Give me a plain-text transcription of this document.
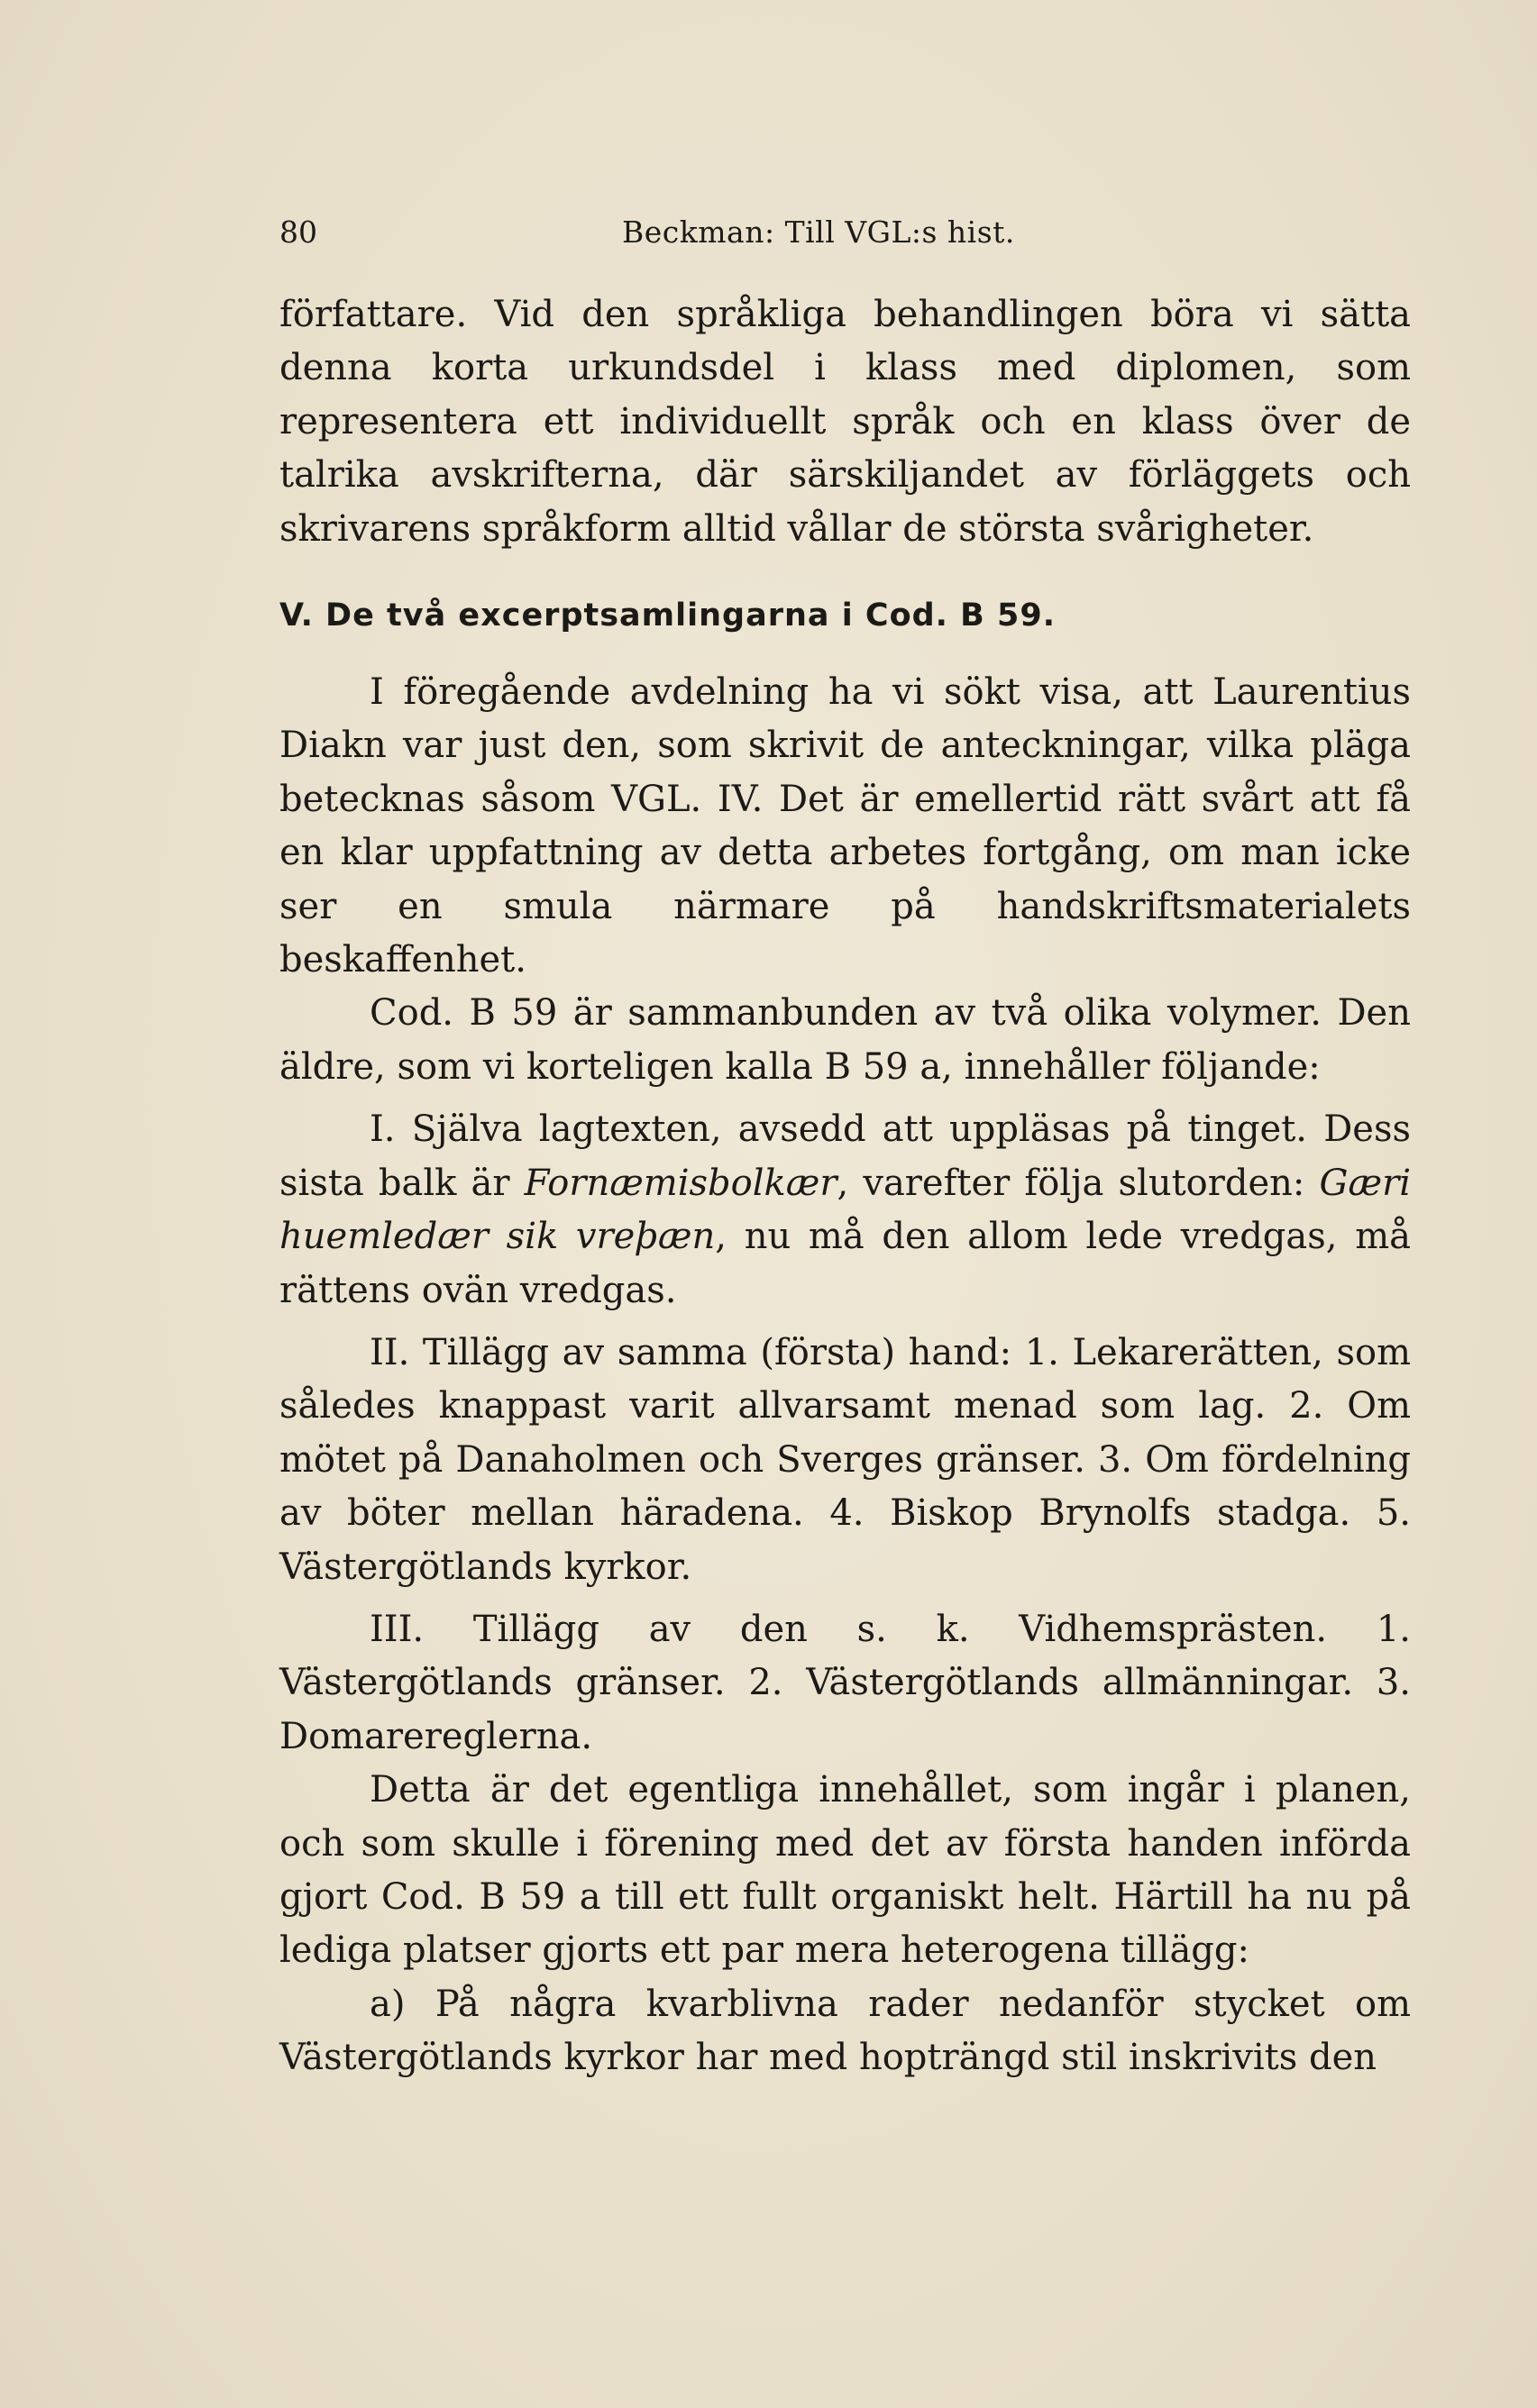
80	Beckman: Till VGL:s hist.

författare. Vid den språkliga behandlingen böra vi sätta denna korta urkundsdel i klass med diplomen, som representera ett individuellt språk och en klass över de talrika avskrifterna, där särskiljandet av förläggets och skrivarens språkform alltid vållar de största svårigheter.

V. De två excerptsamlingarna i Cod. B 59.

I föregående avdelning ha vi sökt visa, att Laurentius Diakn var just den, som skrivit de anteckningar, vilka pläga betecknas såsom VGL. IV. Det är emellertid rätt svårt att få en klar uppfattning av detta arbetes fortgång, om man icke ser en smula närmare på handskriftsmaterialets beskaffenhet.

Cod. B 59 är sammanbunden av två olika volymer. Den äldre, som vi korteligen kalla B 59 a, innehåller följande:

I. Själva lagtexten, avsedd att uppläsas på tinget. Dess sista balk är Fornæmisbolkær, varefter följa slutorden: Gæri huemledær sik vreþæn, nu må den allom lede vredgas, må rättens ovän vredgas.

II. Tillägg av samma (första) hand: 1. Lekarerätten, som således knappast varit allvarsamt menad som lag. 2. Om mötet på Danaholmen och Sverges gränser. 3. Om fördelning av böter mellan häradena. 4. Biskop Brynolfs stadga. 5. Västergötlands kyrkor.

III. Tillägg av den s. k. Vidhemsprästen. 1. Västergötlands gränser. 2. Västergötlands allmänningar. 3. Domarereglerna.

Detta är det egentliga innehållet, som ingår i planen, och som skulle i förening med det av första handen införda gjort Cod. B 59 a till ett fullt organiskt helt. Härtill ha nu på lediga platser gjorts ett par mera heterogena tillägg:

a) På några kvarblivna rader nedanför stycket om Västergötlands kyrkor har med hopträngd stil inskrivits den
